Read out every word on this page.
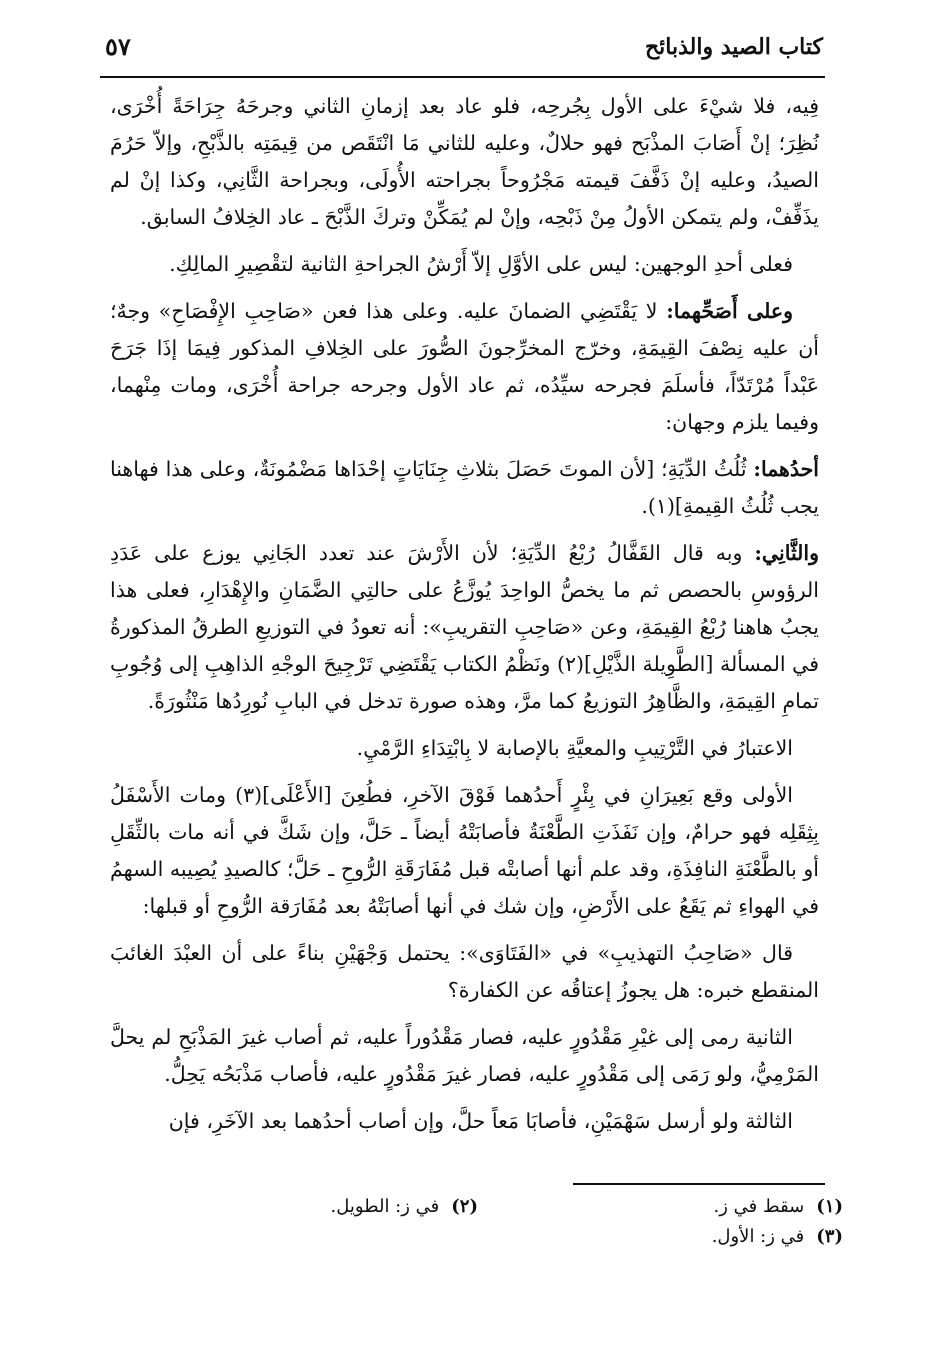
كتاب الصيد والذبائح
٥٧

فِيه، فلا شيْءَ على الأول بِجُرحِه، فلو عاد بعد إزمانِ الثاني وجرحَهُ جِرَاحَةً أُخْرَى، نُظِرَ؛ إنْ أَصَابَ المذْبَح فهو حلالٌ، وعليه للثاني مَا انْتَقَص من قِيمَتِه بالذَّبْحِ، وإلاّ حَرُمَ الصيدُ، وعليه إنْ ذَفَّفَ قيمته مَجْرُوحاً بجراحته الأُولَى، وبجراحة الثَّانِي، وكذا إنْ لم يذَفِّفْ، ولم يتمكن الأولُ مِنْ ذَبْحِه، وإنْ لم يُمَكِّنْ وتركَ الذَّبْحَ ـ عاد الخِلافُ السابق.

فعلى أحدِ الوجهين: ليس على الأوَّلِ إلاّ أَرْشُ الجراحةِ الثانية لتقْصِيرِ المالِكِ.

وعلى أَصَحِّهما: لا يَقْتَضِي الضمانَ عليه. وعلى هذا فعن «صَاحِبِ الإِفْصَاحِ» وجهٌ؛ أن عليه نِصْفَ القِيمَةِ، وخرّج المخرِّجونَ الصُّورَ على الخِلافِ المذكور فِيمَا إذَا جَرَحَ عَبْداً مُرْتَدّاً، فأسلَمَ فجرحه سيِّدُه، ثم عاد الأول وجرحه جراحة أُخْرَى، ومات مِنْهما، وفيما يلزم وجهان:

أحدُهما: ثُلُثُ الدِّيَةِ؛ [لأن الموتَ حَصَلَ بثلاثِ جِنَايَاتٍ إحْدَاها مَضْمُونَةٌ، وعلى هذا فهاهنا يجب ثُلُثُ القِيمةِ](١).

والثَّانِي: وبه قال القَفَّالُ رُبْعُ الدِّيَةِ؛ لأن الأَرْشَ عند تعدد الجَانِي يوزع على عَدَدِ الرؤوسِ بالحصص ثم ما يخصُّ الواحِدَ يُوزَّعُ على حالتِي الضَّمَانِ والإِهْدَارِ، فعلى هذا يجبُ هاهنا رُبْعُ القِيمَةِ، وعن «صَاحِبِ التقريبِ»: أنه تعودُ في التوزيعِ الطرقُ المذكورةُ في المسألة [الطَّوِيلة الذَّيْلِ](٢) ونَظْمُ الكتاب يَقْتَضِي تَرْجِيحَ الوجْهِ الذاهِبِ إلى وُجُوبِ تمامِ القِيمَةِ، والظَّاهِرُ التوزيعُ كما مرَّ، وهذه صورة تدخل في البابِ نُورِدُها مَنْثُورَةً.

الاعتبارُ في التَّرْتِيبِ والمعيَّةِ بالإصابة لا بِابْتِدَاءِ الرَّمْيِ.

الأولى وقع بَعِيرَانِ في بِئْرٍ أَحدُهما فَوْقَ الآخرِ، فطُعِنَ [الأَعْلَى](٣) ومات الأَسْفَلُ بِثِقَلِه فهو حرامٌ، وإن نَفَذَتِ الطَّعْنَةُ فأصابَتْهُ أيضاً ـ حَلَّ، وإن شَكَّ في أنه مات بالثِّقَلِ أو بالطَّعْنَةِ النافِذَةِ، وقد علم أنها أصابتْه قبل مُفَارَقَةِ الرُّوحِ ـ حَلَّ؛ كالصيدِ يُصِيبه السهمُ في الهواءِ ثم يَقَعُ على الأَرْضِ، وإن شك في أنها أصابَتْهُ بعد مُفَارَقة الرُّوحِ أو قبلها:

قال «صَاحِبُ التهذيبِ» في «الفَتَاوَى»: يحتمل وَجْهَيْنِ بناءً على أن العبْدَ الغائبَ المنقطع خبره: هل يجوزُ إعتاقُه عن الكفارة؟

الثانية رمى إلى غيْرِ مَقْدُورٍ عليه، فصار مَقْدُوراً عليه، ثم أصاب غيرَ المَذْبَحِ لم يحلَّ المَرْمِيُّ، ولو رَمَى إلى مَقْدُورٍ عليه، فصار غيرَ مَقْدُورٍ عليه، فأصاب مَذْبَحُه يَحِلُّ.

الثالثة ولو أرسل سَهْمَيْنِ، فأصابَا مَعاً حلَّ، وإن أصاب أحدُهما بعد الآخَرِ، فإن

(١)سقط في ز.
(٢)في ز: الطويل.
(٣)في ز: الأول.
